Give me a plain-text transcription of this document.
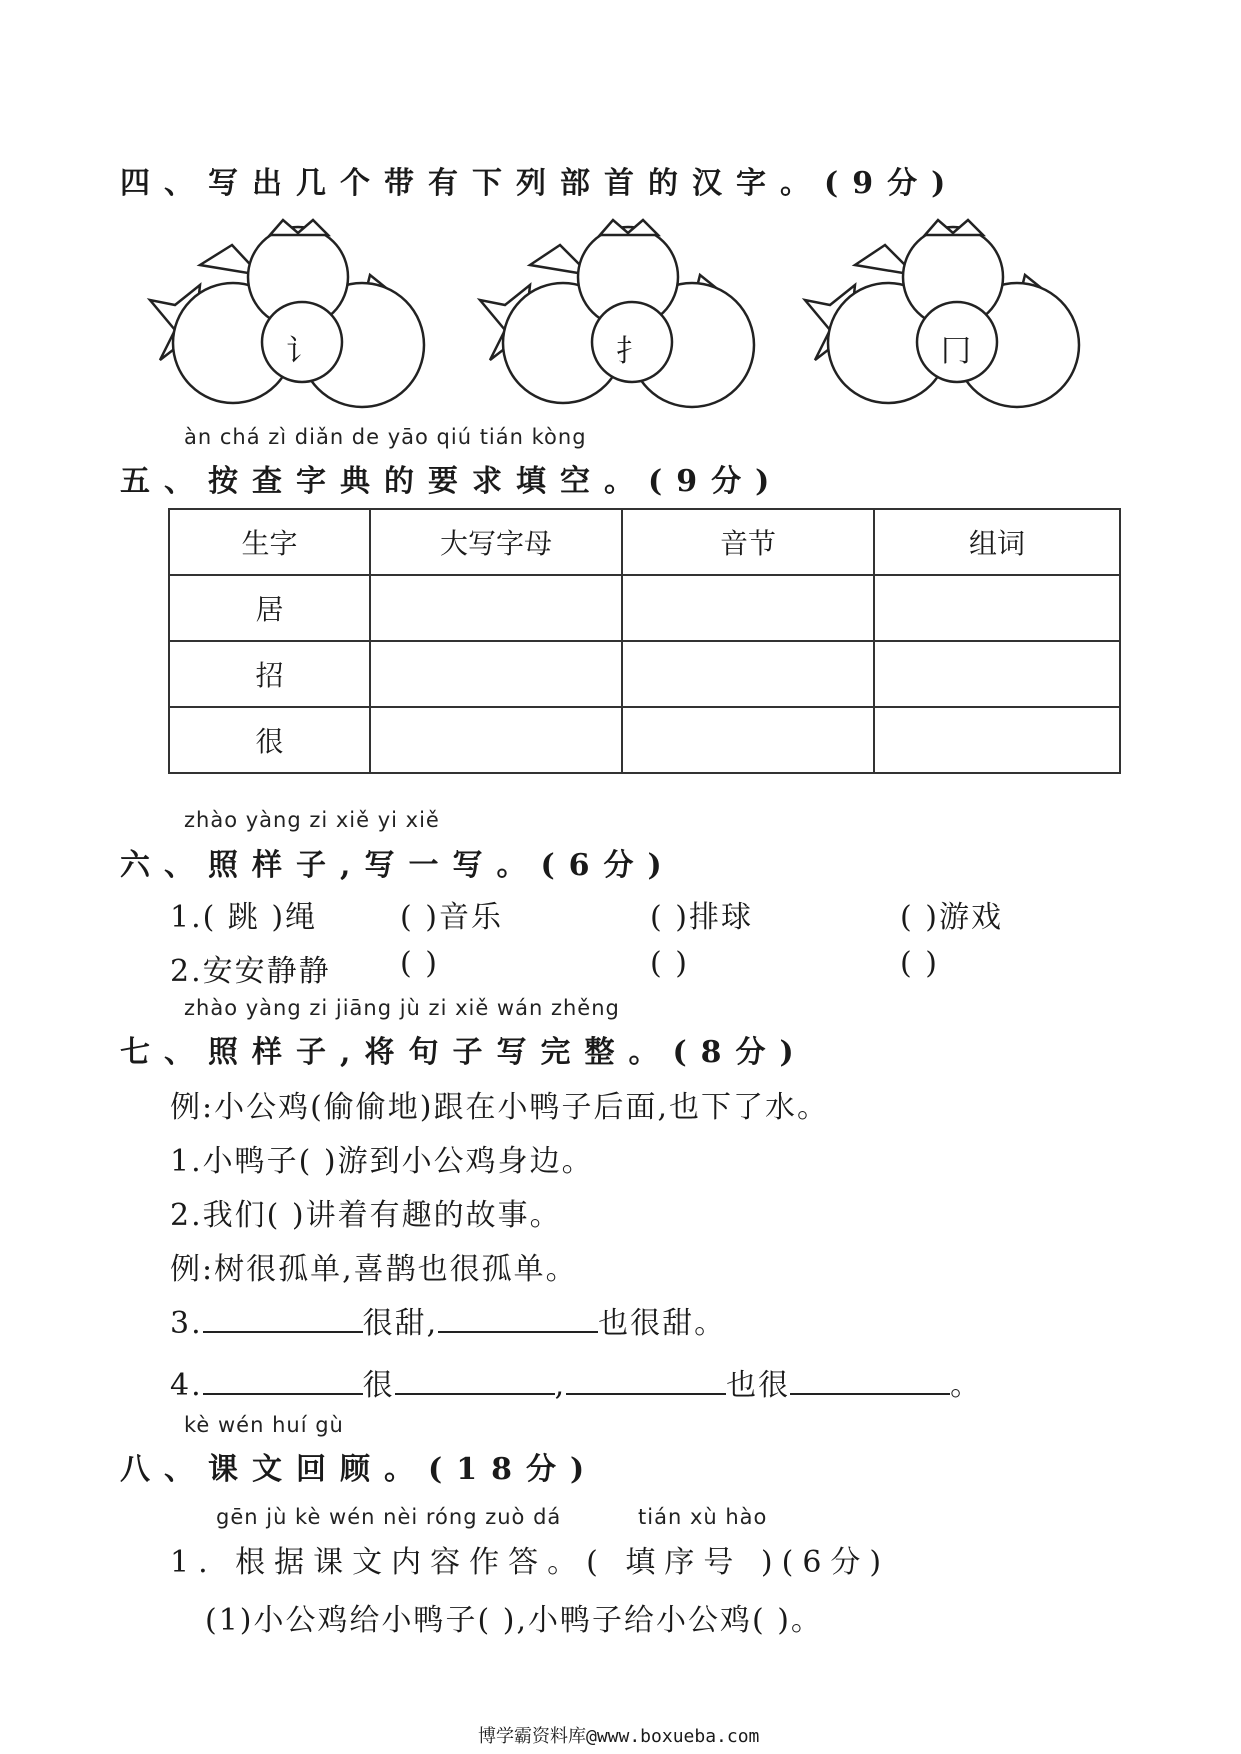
四、写出几个带有下列部首的汉字。(9分)
讠	扌	冂
àn chá zì diǎn de yāo qiú tián kòng
五、按查字典的要求填空。(9分)
生字	大写字母	音节	组词
居			
招			
很			
zhào yàng zi xiě yi xiě
六、照样子,写一写。(6分)
1.( 跳 )绳	( )音乐	( )排球	( )游戏
2.安安静静 ( )	( )	( )
zhào yàng zi jiāng jù zi xiě wán zhěng
七、照样子,将句子写完整。(8分)
例:小公鸡(偷偷地)跟在小鸭子后面,也下了水。
1.小鸭子( )游到小公鸡身边。
2.我们( )讲着有趣的故事。
例:树很孤单,喜鹊也很孤单。
3.	很甜,	也很甜。
4.	很	,	也很	。
kè wén huí gù
八、课文回顾。(18分)
gēn jù kè wén nèi róng zuò dá          tián xù hào
1. 根据课文内容作答。( 填序号 )(6分)
(1)小公鸡给小鸭子( ),小鸭子给小公鸡( )。
博学霸资料库@www.boxueba.com
